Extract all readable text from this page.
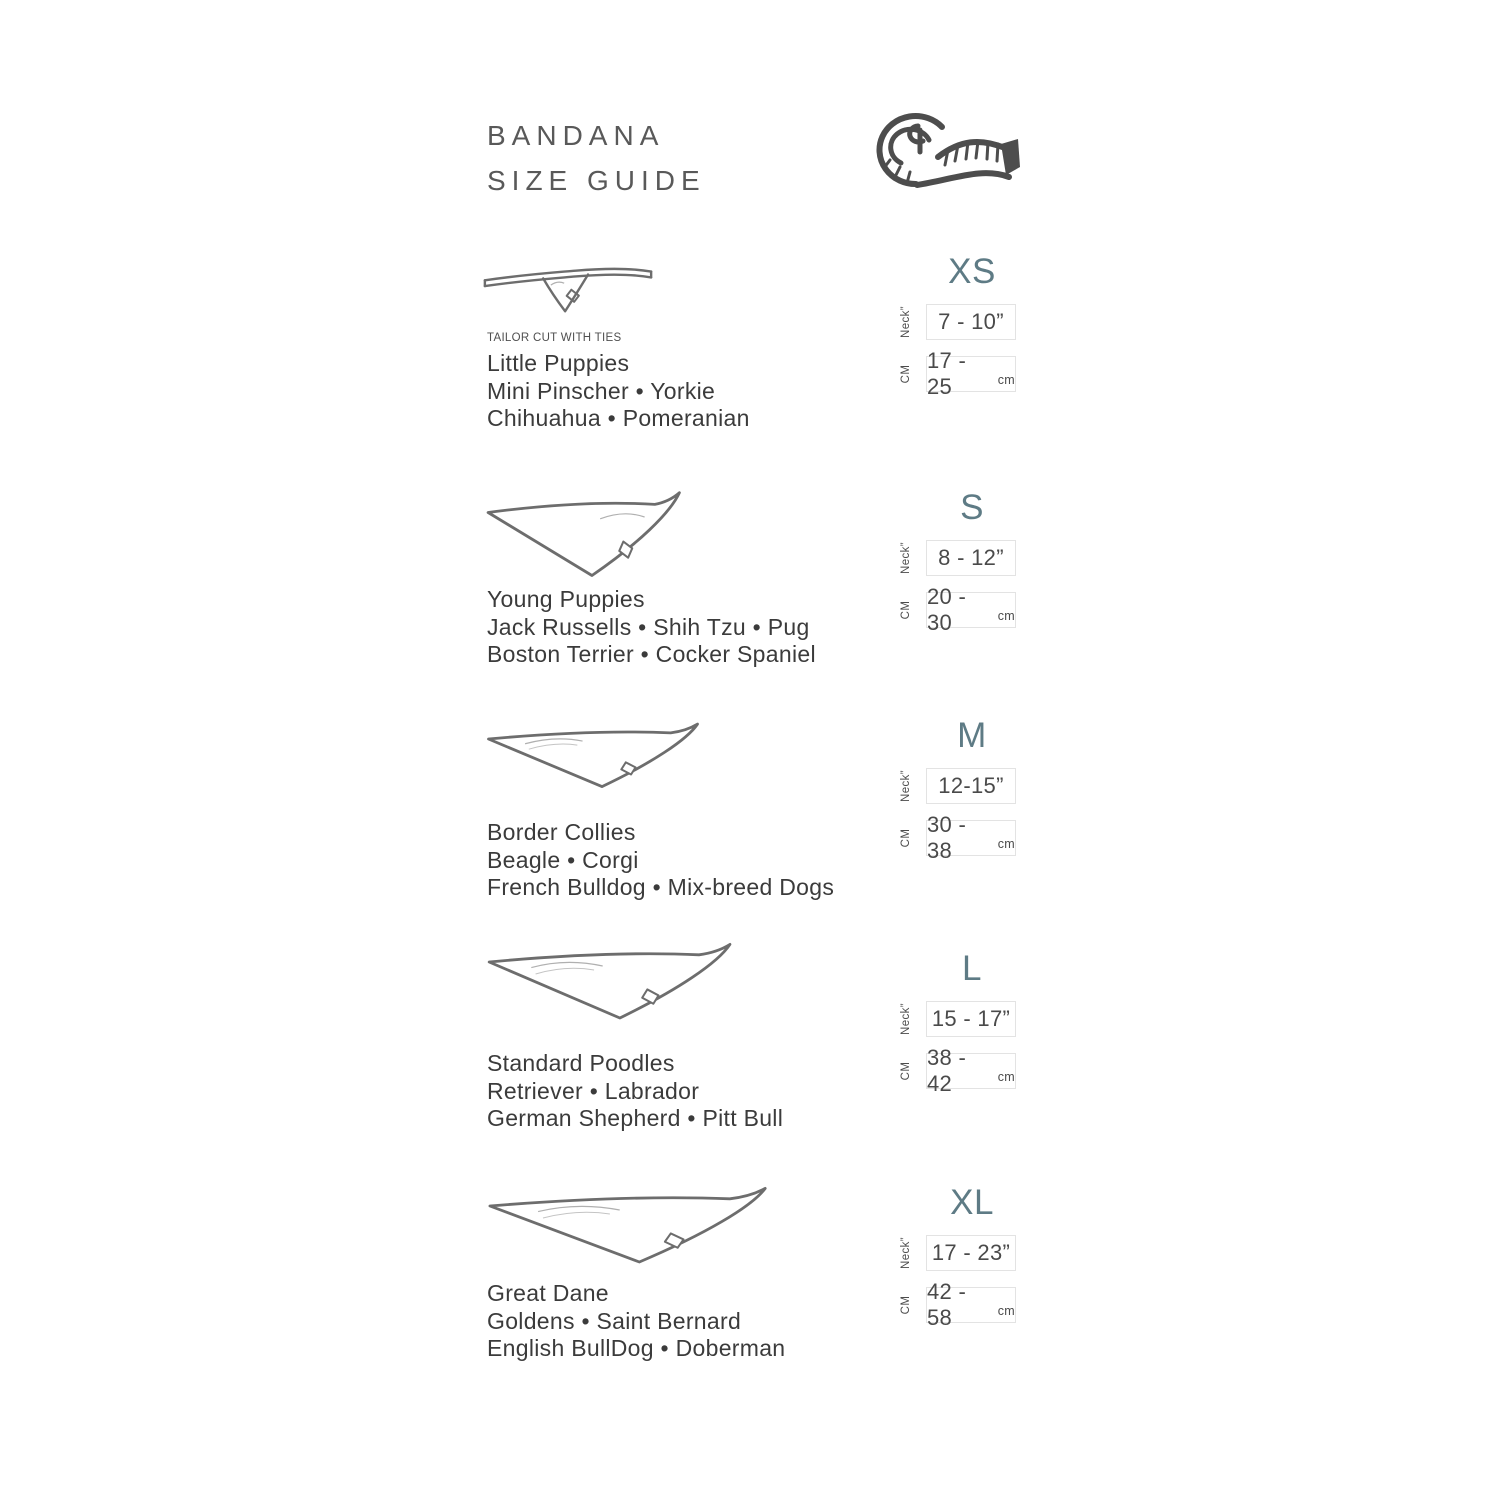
BANDANA
SIZE GUIDE
TAILOR CUT WITH TIES
Little Puppies
Mini Pinscher • Yorkie
Chihuahua • Pomeranian
XS
Neck” 7 - 10”
CM
17 - 25	cm
Young Puppies
Jack Russells • Shih Tzu • Pug
Boston Terrier • Cocker Spaniel
S
Neck” 8 - 12”
CM
20 - 30	cm
Border Collies
Beagle • Corgi
French Bulldog • Mix-breed Dogs
M
Neck” 12-15”
CM
30 - 38	cm
Standard Poodles
Retriever • Labrador
German Shepherd • Pitt Bull
L
Neck” 15 - 17”
CM
38 - 42	cm
Great Dane
Goldens • Saint Bernard
English BullDog • Doberman
XL
Neck” 17 - 23”
CM
42 - 58	cm
